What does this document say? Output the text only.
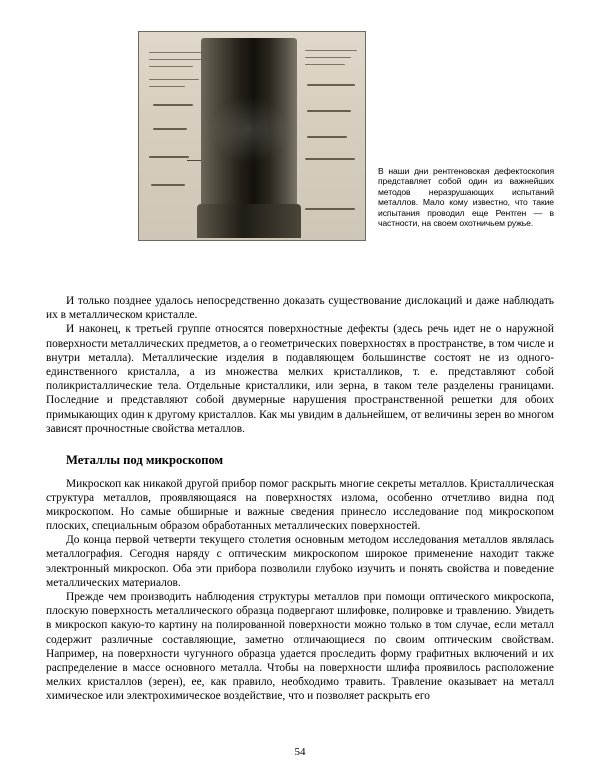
В наши дни рентгеновская дефектоскопия представляет собой один из важнейших методов неразрушающих испытаний металлов. Мало кому известно, что такие испытания проводил еще Рентген — в частности, на своем охотничьем ружье.

И только позднее удалось непосредственно доказать существование дислокаций и даже наблюдать их в металлическом кристалле.

И наконец, к третьей группе относятся поверхностные дефекты (здесь речь идет не о наружной поверхности металлических предметов, а о геометрических поверхностях в пространстве, в том числе и внутри металла). Металлические изделия в подавляющем большинстве состоят не из одного-единственного кристалла, а из множества мелких кристалликов, т. е. представляют собой поликристаллические тела. Отдельные кристаллики, или зерна, в таком теле разделены границами. Последние и представляют собой двумерные нарушения пространственной решетки для обоих примыкающих один к другому кристаллов. Как мы увидим в дальнейшем, от величины зерен во многом зависят прочностные свойства металлов.

Металлы под микроскопом

Микроскоп как никакой другой прибор помог раскрыть многие секреты металлов. Кристаллическая структура металлов, проявляющаяся на поверхностях излома, особенно отчетливо видна под микроскопом. Но самые обширные и важные сведения принесло исследование под микроскопом плоских, специальным образом обработанных металлических поверхностей.

До конца первой четверти текущего столетия основным методом исследования металлов являлась металлография. Сегодня наряду с оптическим микроскопом широкое применение находит также электронный микроскоп. Оба эти прибора позволили глубоко изучить и понять свойства и поведение металлических материалов.

Прежде чем производить наблюдения структуры металлов при помощи оптического микроскопа, плоскую поверхность металлического образца подвергают шлифовке, полировке и травлению. Увидеть в микроскоп какую-то картину на полированной поверхности можно только в том случае, если металл содержит различные составляющие, заметно отличающиеся по своим оптическим свойствам. Например, на поверхности чугунного образца удается проследить форму графитных включений и их распределение в массе основного металла. Чтобы на поверхности шлифа проявилось расположение мелких кристаллов (зерен), ее, как правило, необходимо травить. Травление оказывает на металл химическое или электрохимическое воздействие, что и позволяет раскрыть его

54
